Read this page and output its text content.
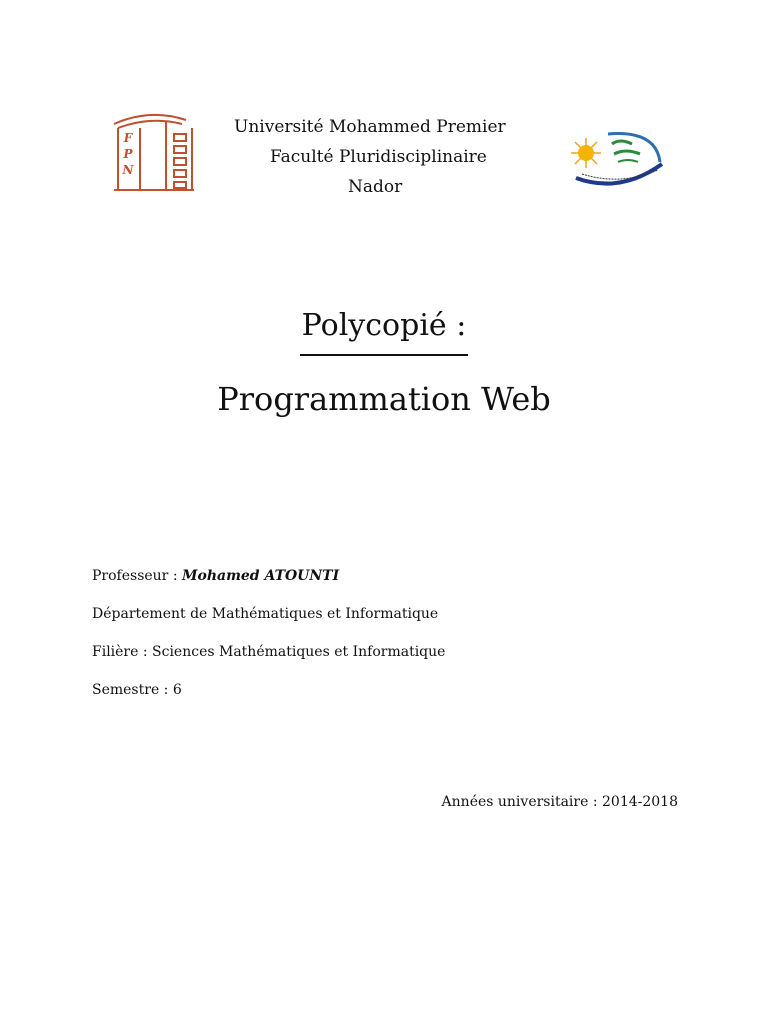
F
P
N
Université Mohammed Premier
Faculté Pluridisciplinaire
Nador
Polycopié :
Programmation Web
Professeur : Mohamed ATOUNTI
Département de Mathématiques et Informatique
Filière : Sciences Mathématiques et Informatique
Semestre : 6
Années universitaire : 2014-2018
